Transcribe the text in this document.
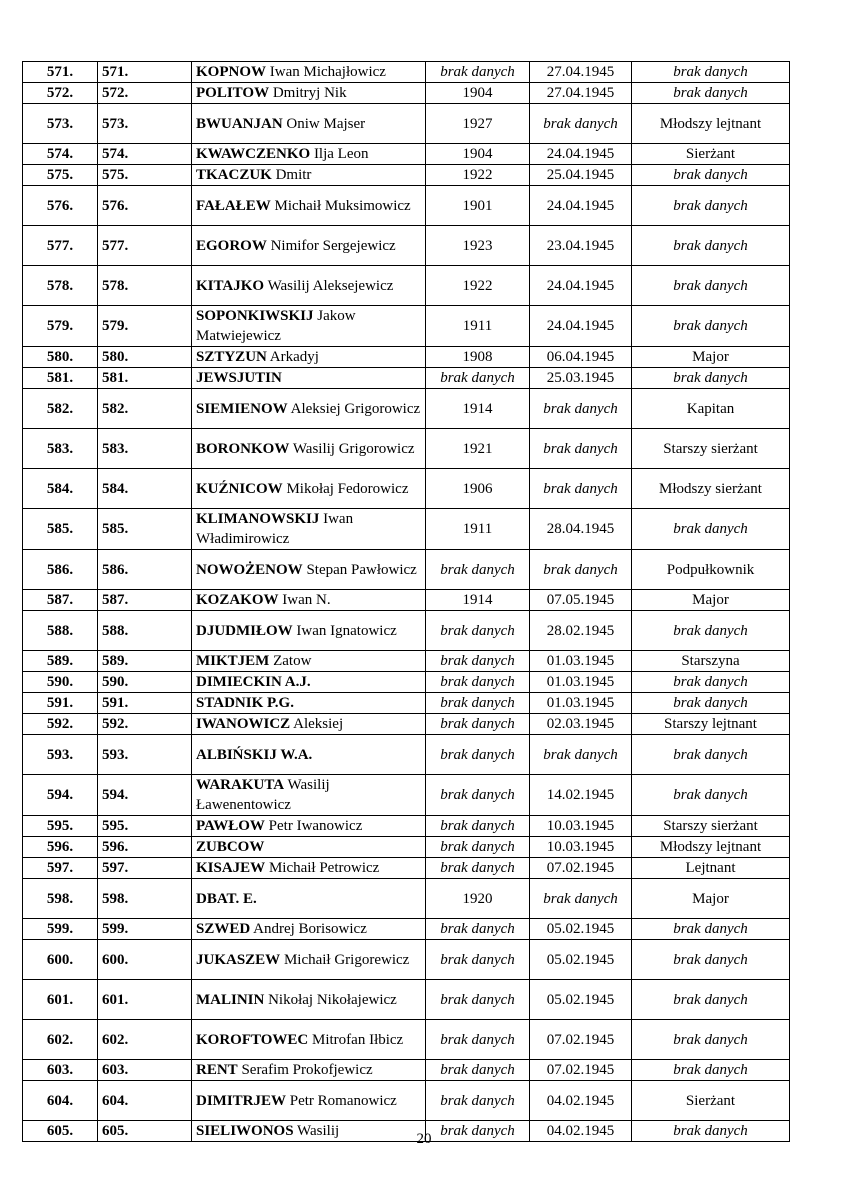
571.	571.	KOPNOW Iwan Michajłowicz	brak danych	27.04.1945	brak danych
572.	572.	POLITOW Dmitryj Nik	1904	27.04.1945	brak danych
573.	573.	BWUANJAN Oniw Majser	1927	brak danych	Młodszy lejtnant
574.	574.	KWAWCZENKO Ilja Leon	1904	24.04.1945	Sierżant
575.	575.	TKACZUK Dmitr	1922	25.04.1945	brak danych
576.	576.	FAŁAŁEW Michaił Muksimowicz	1901	24.04.1945	brak danych
577.	577.	EGOROW Nimifor Sergejewicz	1923	23.04.1945	brak danych
578.	578.	KITAJKO Wasilij Aleksejewicz	1922	24.04.1945	brak danych
579.	579.	SOPONKIWSKIJ Jakow Matwiejewicz	1911	24.04.1945	brak danych
580.	580.	SZTYZUN Arkadyj	1908	06.04.1945	Major
581.	581.	JEWSJUTIN	brak danych	25.03.1945	brak danych
582.	582.	SIEMIENOW Aleksiej Grigorowicz	1914	brak danych	Kapitan
583.	583.	BORONKOW Wasilij Grigorowicz	1921	brak danych	Starszy sierżant
584.	584.	KUŹNICOW Mikołaj Fedorowicz	1906	brak danych	Młodszy sierżant
585.	585.	KLIMANOWSKIJ Iwan Władimirowicz	1911	28.04.1945	brak danych
586.	586.	NOWOŻENOW Stepan Pawłowicz	brak danych	brak danych	Podpułkownik
587.	587.	KOZAKOW Iwan N.	1914	07.05.1945	Major
588.	588.	DJUDMIŁOW Iwan Ignatowicz	brak danych	28.02.1945	brak danych
589.	589.	MIKTJEM Zatow	brak danych	01.03.1945	Starszyna
590.	590.	DIMIECKIN A.J.	brak danych	01.03.1945	brak danych
591.	591.	STADNIK P.G.	brak danych	01.03.1945	brak danych
592.	592.	IWANOWICZ Aleksiej	brak danych	02.03.1945	Starszy lejtnant
593.	593.	ALBIŃSKIJ W.A.	brak danych	brak danych	brak danych
594.	594.	WARAKUTA Wasilij Ławenentowicz	brak danych	14.02.1945	brak danych
595.	595.	PAWŁOW Petr Iwanowicz	brak danych	10.03.1945	Starszy sierżant
596.	596.	ZUBCOW	brak danych	10.03.1945	Młodszy lejtnant
597.	597.	KISAJEW Michaił Petrowicz	brak danych	07.02.1945	Lejtnant
598.	598.	DBAT. E.	1920	brak danych	Major
599.	599.	SZWED Andrej Borisowicz	brak danych	05.02.1945	brak danych
600.	600.	JUKASZEW Michaił Grigorewicz	brak danych	05.02.1945	brak danych
601.	601.	MALININ Nikołaj Nikołajewicz	brak danych	05.02.1945	brak danych
602.	602.	KOROFTOWEC Mitrofan Iłbicz	brak danych	07.02.1945	brak danych
603.	603.	RENT Serafim Prokofjewicz	brak danych	07.02.1945	brak danych
604.	604.	DIMITRJEW Petr Romanowicz	brak danych	04.02.1945	Sierżant
605.	605.	SIELIWONOS Wasilij	brak danych	04.02.1945	brak danych
20
